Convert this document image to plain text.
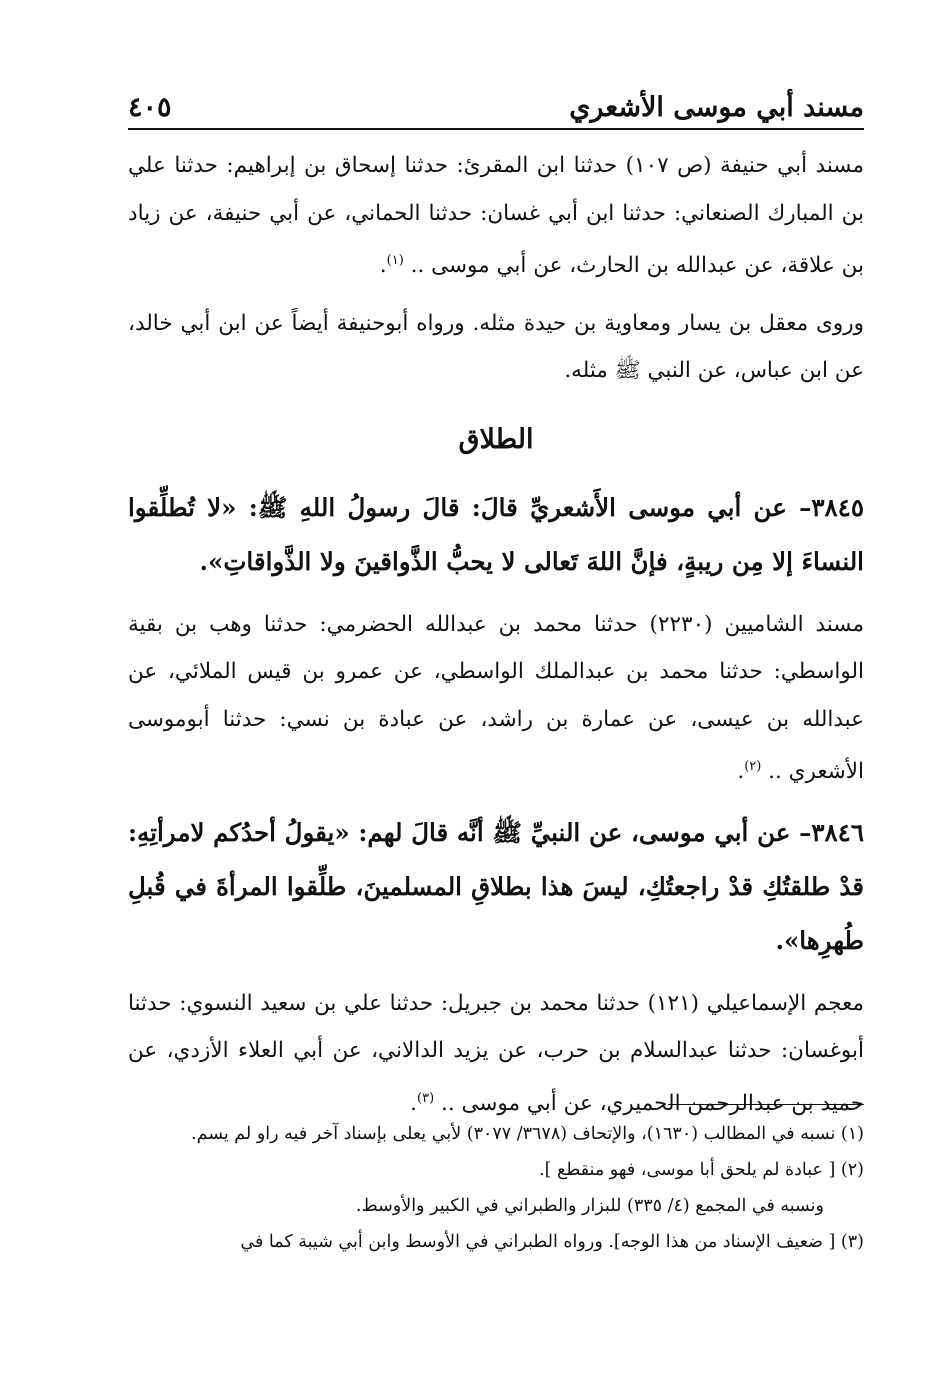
مسند أبي موسى الأشعري
٤٠٥

مسند أبي حنيفة (ص ١٠٧) حدثنا ابن المقرئ: حدثنا إسحاق بن إبراهيم: حدثنا علي بن المبارك الصنعاني: حدثنا ابن أبي غسان: حدثنا الحماني، عن أبي حنيفة، عن زياد بن علاقة، عن عبدالله بن الحارث، عن أبي موسى .. $^{(١)}$.

وروى معقل بن يسار ومعاوية بن حيدة مثله. ورواه أبوحنيفة أيضاً عن ابن أبي خالد، عن ابن عباس، عن النبي ﷺ مثله.

الطلاق

٣٨٤٥– عن أبي موسى الأَشعريِّ قالَ: قالَ رسولُ اللهِ ﷺ: «لا تُطلِّقوا النساءَ إلا مِن ريبةٍ، فإنَّ اللهَ تَعالى لا يحبُّ الذَّواقينَ ولا الذَّواقاتِ».

مسند الشاميين (٢٢٣٠) حدثنا محمد بن عبدالله الحضرمي: حدثنا وهب بن بقية الواسطي: حدثنا محمد بن عبدالملك الواسطي، عن عمرو بن قيس الملائي، عن عبدالله بن عيسى، عن عمارة بن راشد، عن عبادة بن نسي: حدثنا أبوموسى الأشعري .. $^{(٢)}$.

٣٨٤٦– عن أبي موسى، عن النبيِّ ﷺ أنَّه قالَ لهم: «يقولُ أحدُكم لامرأتِهِ: قدْ طلقتُكِ قدْ راجعتُكِ، ليسَ هذا بطلاقِ المسلمينَ، طلِّقوا المرأةَ في قُبلِ طُهرِها».

معجم الإسماعيلي (١٢١) حدثنا محمد بن جبريل: حدثنا علي بن سعيد النسوي: حدثنا أبوغسان: حدثنا عبدالسلام بن حرب، عن يزيد الدالاني، عن أبي العلاء الأزدي، عن حميد بن عبدالرحمن الحميري، عن أبي موسى .. $^{(٣)}$.

(١) نسبه في المطالب (١٦٣٠)، والإتحاف (٣٦٧٨/ ٣٠٧٧) لأبي يعلى بإسناد آخر فيه راو لم يسم.

(٢) [ عبادة لم يلحق أبا موسى، فهو منقطع ].

ونسبه في المجمع (٤/ ٣٣٥) للبزار والطبراني في الكبير والأوسط.

(٣) [ ضعيف الإسناد من هذا الوجه]. ورواه الطبراني في الأوسط وابن أبي شيبة كما في
